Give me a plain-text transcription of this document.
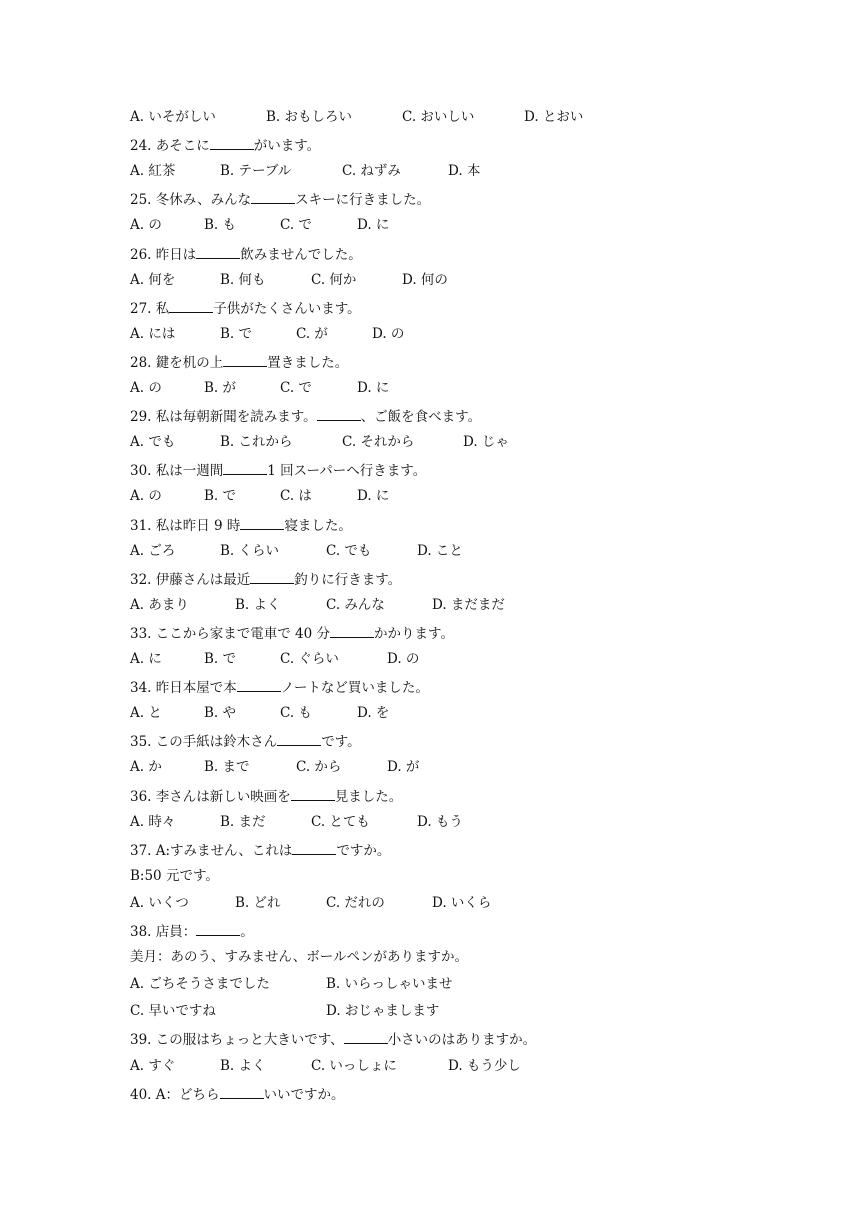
A. いそがしい	B. おもしろい	C. おいしい	D. とおい
24. あそこに	がいます。
A. 紅茶	B. テーブル	C. ねずみ	D. 本
25. 冬休み、みんな	スキーに行きました。
A. の	B. も	C. で	D. に
26. 昨日は	飲みませんでした。
A. 何を	B. 何も	C. 何か	D. 何の
27. 私	子供がたくさんいます。
A. には	B. で	C. が	D. の
28. 鍵を机の上	置きました。
A. の	B. が	C. で	D. に
29. 私は毎朝新聞を読みます。	、ご飯を食べます。
A. でも	B. これから	C. それから	D. じゃ
30. 私は一週間	1 回スーパーへ行きます。
A. の	B. で	C. は	D. に
31. 私は昨日 9 時	寝ました。
A. ごろ	B. くらい	C. でも	D. こと
32. 伊藤さんは最近	釣りに行きます。
A. あまり	B. よく	C. みんな	D. まだまだ
33. ここから家まで電車で 40 分	かかります。
A. に	B. で	C. ぐらい	D. の
34. 昨日本屋で本	ノートなど買いました。
A. と	B. や	C. も	D. を
35. この手紙は鈴木さん	です。
A. か	B. まで	C. から	D. が
36. 李さんは新しい映画を	見ました。
A. 時々	B. まだ	C. とても	D. もう
37. A:すみません、これは	ですか。
B:50 元です。
A. いくつ	B. どれ	C. だれの	D. いくら
38. 店員：	。
美月：あのう、すみません、ボールペンがありますか。
A. ごちそうさまでした	B. いらっしゃいませ
C. 早いですね	D. おじゃまします
39. この服はちょっと大きいです、	小さいのはありますか。
A. すぐ	B. よく	C. いっしょに	D. もう少し
40. A：どちら	いいですか。
